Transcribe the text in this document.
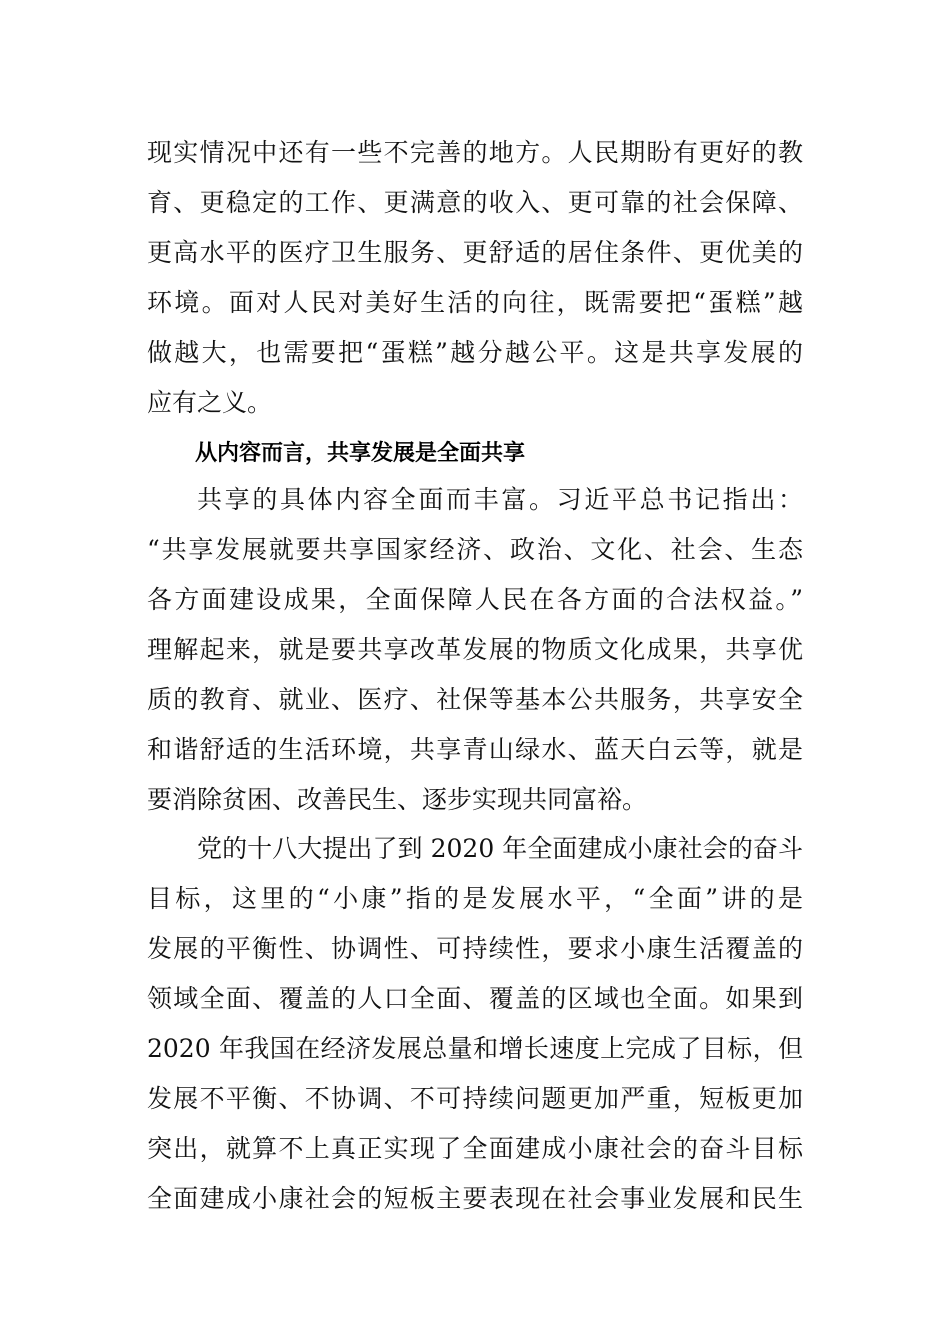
现实情况中还有一些不完善的地方。人民期盼有更好的教
育、更稳定的工作、更满意的收入、更可靠的社会保障、
更高水平的医疗卫生服务、更舒适的居住条件、更优美的
环境。面对人民对美好生活的向往，既需要把“蛋糕”越
做越大，也需要把“蛋糕”越分越公平。这是共享发展的
应有之义。
从内容而言，共享发展是全面共享
共享的具体内容全面而丰富。习近平总书记指出：
“共享发展就要共享国家经济、政治、文化、社会、生态
各方面建设成果，全面保障人民在各方面的合法权益。”
理解起来，就是要共享改革发展的物质文化成果，共享优
质的教育、就业、医疗、社保等基本公共服务，共享安全
和谐舒适的生活环境，共享青山绿水、蓝天白云等，就是
要消除贫困、改善民生、逐步实现共同富裕。
党的十八大提出了到 2020 年全面建成小康社会的奋斗
目标，这里的“小康”指的是发展水平，“全面”讲的是
发展的平衡性、协调性、可持续性，要求小康生活覆盖的
领域全面、覆盖的人口全面、覆盖的区域也全面。如果到
2020 年我国在经济发展总量和增长速度上完成了目标，但
发展不平衡、不协调、不可持续问题更加严重，短板更加
突出，就算不上真正实现了全面建成小康社会的奋斗目标
全面建成小康社会的短板主要表现在社会事业发展和民生
